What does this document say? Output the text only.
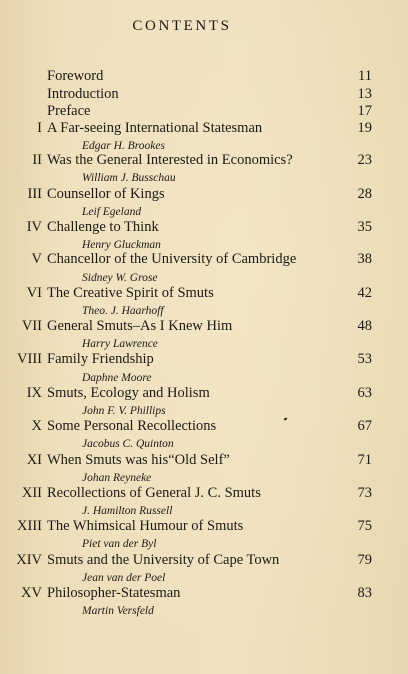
CONTENTS
Foreword	11
Introduction	13
Preface	17
I A Far-seeing International Statesman	19
Edgar H. Brookes
II Was the General Interested in Economics?	23
William J. Busschau
III Counsellor of Kings	28
Leif Egeland
IV Challenge to Think	35
Henry Gluckman
V Chancellor of the University of Cambridge	38
Sidney W. Grose
VI The Creative Spirit of Smuts	42
Theo. J. Haarhoff
VII General Smuts–As I Knew Him	48
Harry Lawrence
VIII Family Friendship	53
Daphne Moore
IX Smuts, Ecology and Holism	63
John F. V. Phillips
X Some Personal Recollections	67
Jacobus C. Quinton
XI When Smuts was his“Old Self”	71
Johan Reyneke
XII Recollections of General J. C. Smuts	73
J. Hamilton Russell
XIII The Whimsical Humour of Smuts	75
Piet van der Byl
XIV Smuts and the University of Cape Town	79
Jean van der Poel
XV Philosopher-Statesman	83
Martin Versfeld
